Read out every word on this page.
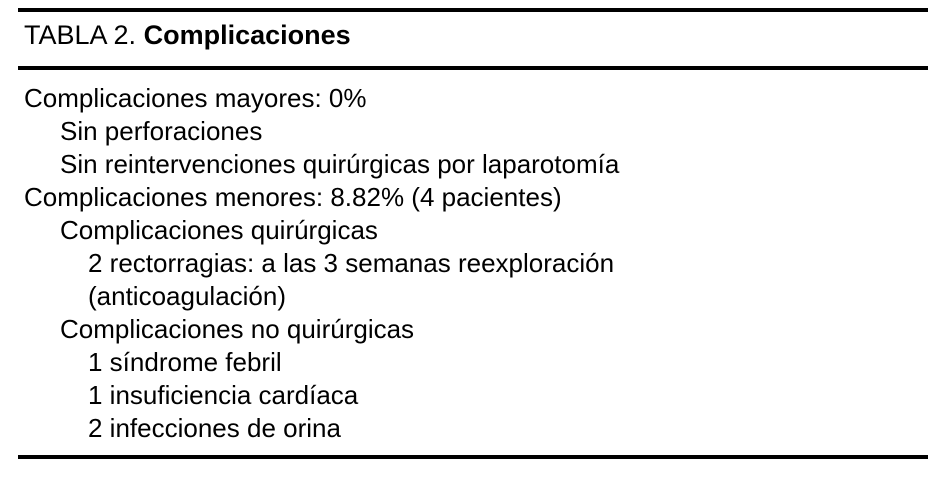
TABLA 2. Complicaciones
Complicaciones mayores: 0%
Sin perforaciones
Sin reintervenciones quirúrgicas por laparotomía
Complicaciones menores: 8.82% (4 pacientes)
Complicaciones quirúrgicas
2 rectorragias: a las 3 semanas reexploración
(anticoagulación)
Complicaciones no quirúrgicas
1 síndrome febril
1 insuficiencia cardíaca
2 infecciones de orina
